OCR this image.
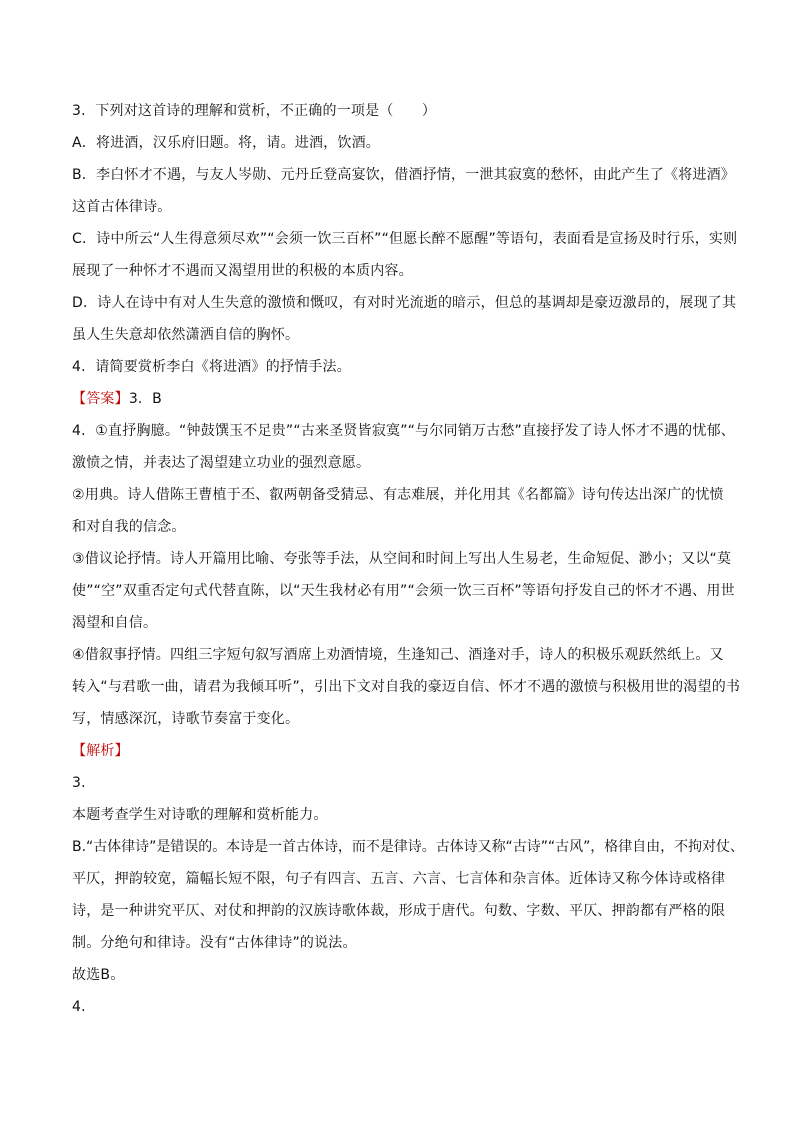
3．下列对这首诗的理解和赏析，不正确的一项是（　　）
A．将进酒，汉乐府旧题。将，请。进酒，饮酒。
B．李白怀才不遇，与友人岑勋、元丹丘登高宴饮，借酒抒情，一泄其寂寞的愁怀，由此产生了《将进酒》
这首古体律诗。
C．诗中所云“人生得意须尽欢”“会须一饮三百杯”“但愿长醉不愿醒”等语句，表面看是宣扬及时行乐，实则
展现了一种怀才不遇而又渴望用世的积极的本质内容。
D．诗人在诗中有对人生失意的激愤和慨叹，有对时光流逝的暗示，但总的基调却是豪迈激昂的，展现了其
虽人生失意却依然潇洒自信的胸怀。
4．请简要赏析李白《将进酒》的抒情手法。
【答案】3．B
4．①直抒胸臆。“钟鼓馔玉不足贵”“古来圣贤皆寂寞”“与尔同销万古愁”直接抒发了诗人怀才不遇的忧郁、
激愤之情，并表达了渴望建立功业的强烈意愿。
②用典。诗人借陈王曹植于丕、叡两朝备受猜忌、有志难展，并化用其《名都篇》诗句传达出深广的忧愤
和对自我的信念。
③借议论抒情。诗人开篇用比喻、夸张等手法，从空间和时间上写出人生易老，生命短促、渺小；又以“莫
使”“空”双重否定句式代替直陈，以“天生我材必有用”“会须一饮三百杯”等语句抒发自己的怀才不遇、用世
渴望和自信。
④借叙事抒情。四组三字短句叙写酒席上劝酒情境，生逢知己、酒逢对手，诗人的积极乐观跃然纸上。又
转入“与君歌一曲，请君为我倾耳听”，引出下文对自我的豪迈自信、怀才不遇的激愤与积极用世的渴望的书
写，情感深沉，诗歌节奏富于变化。
【解析】
3．
本题考查学生对诗歌的理解和赏析能力。
B.“古体律诗”是错误的。本诗是一首古体诗，而不是律诗。古体诗又称“古诗”“古风”，格律自由，不拘对仗、
平仄，押韵较宽，篇幅长短不限，句子有四言、五言、六言、七言体和杂言体。近体诗又称今体诗或格律
诗，是一种讲究平仄、对仗和押韵的汉族诗歌体裁，形成于唐代。句数、字数、平仄、押韵都有严格的限
制。分绝句和律诗。没有“古体律诗”的说法。
故选B。
4．
